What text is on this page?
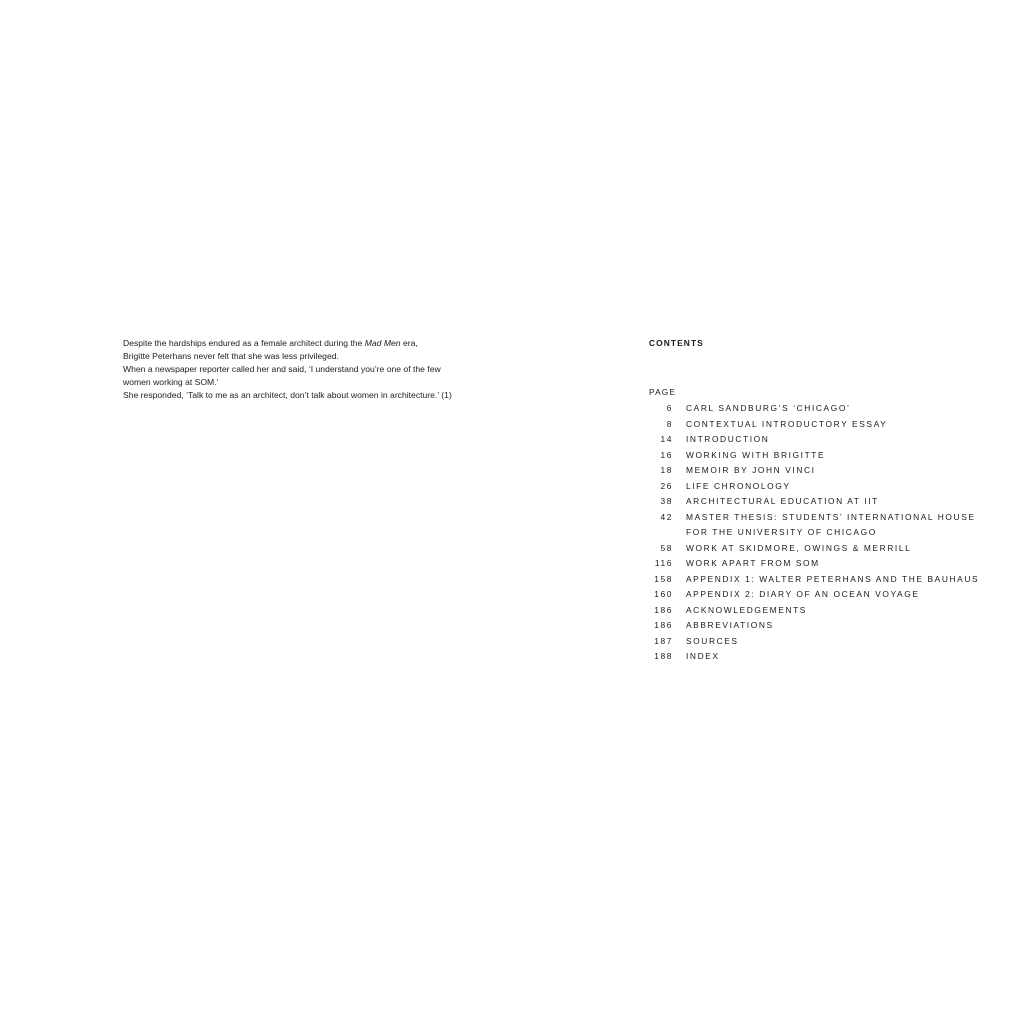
Despite the hardships endured as a female architect during the Mad Men era,

Brigitte Peterhans never felt that she was less privileged.

When a newspaper reporter called her and said, ‘I understand you’re one of the few

women working at SOM.’

She responded, ‘Talk to me as an architect, don’t talk about women in architecture.’ (1)

CONTENTS
PAGE
6 CARL SANDBURG’S ‘CHICAGO’
8 CONTEXTUAL INTRODUCTORY ESSAY
14 INTRODUCTION
16 WORKING WITH BRIGITTE
18 MEMOIR BY JOHN VINCI
26 LIFE CHRONOLOGY
38 ARCHITECTURAL EDUCATION AT IIT
42 MASTER THESIS: STUDENTS’ INTERNATIONAL HOUSE
FOR THE UNIVERSITY OF CHICAGO
58 WORK AT SKIDMORE, OWINGS & MERRILL
116 WORK APART FROM SOM
158 APPENDIX 1: WALTER PETERHANS AND THE BAUHAUS
160 APPENDIX 2: DIARY OF AN OCEAN VOYAGE
186 ACKNOWLEDGEMENTS
186 ABBREVIATIONS
187 SOURCES
188 INDEX
